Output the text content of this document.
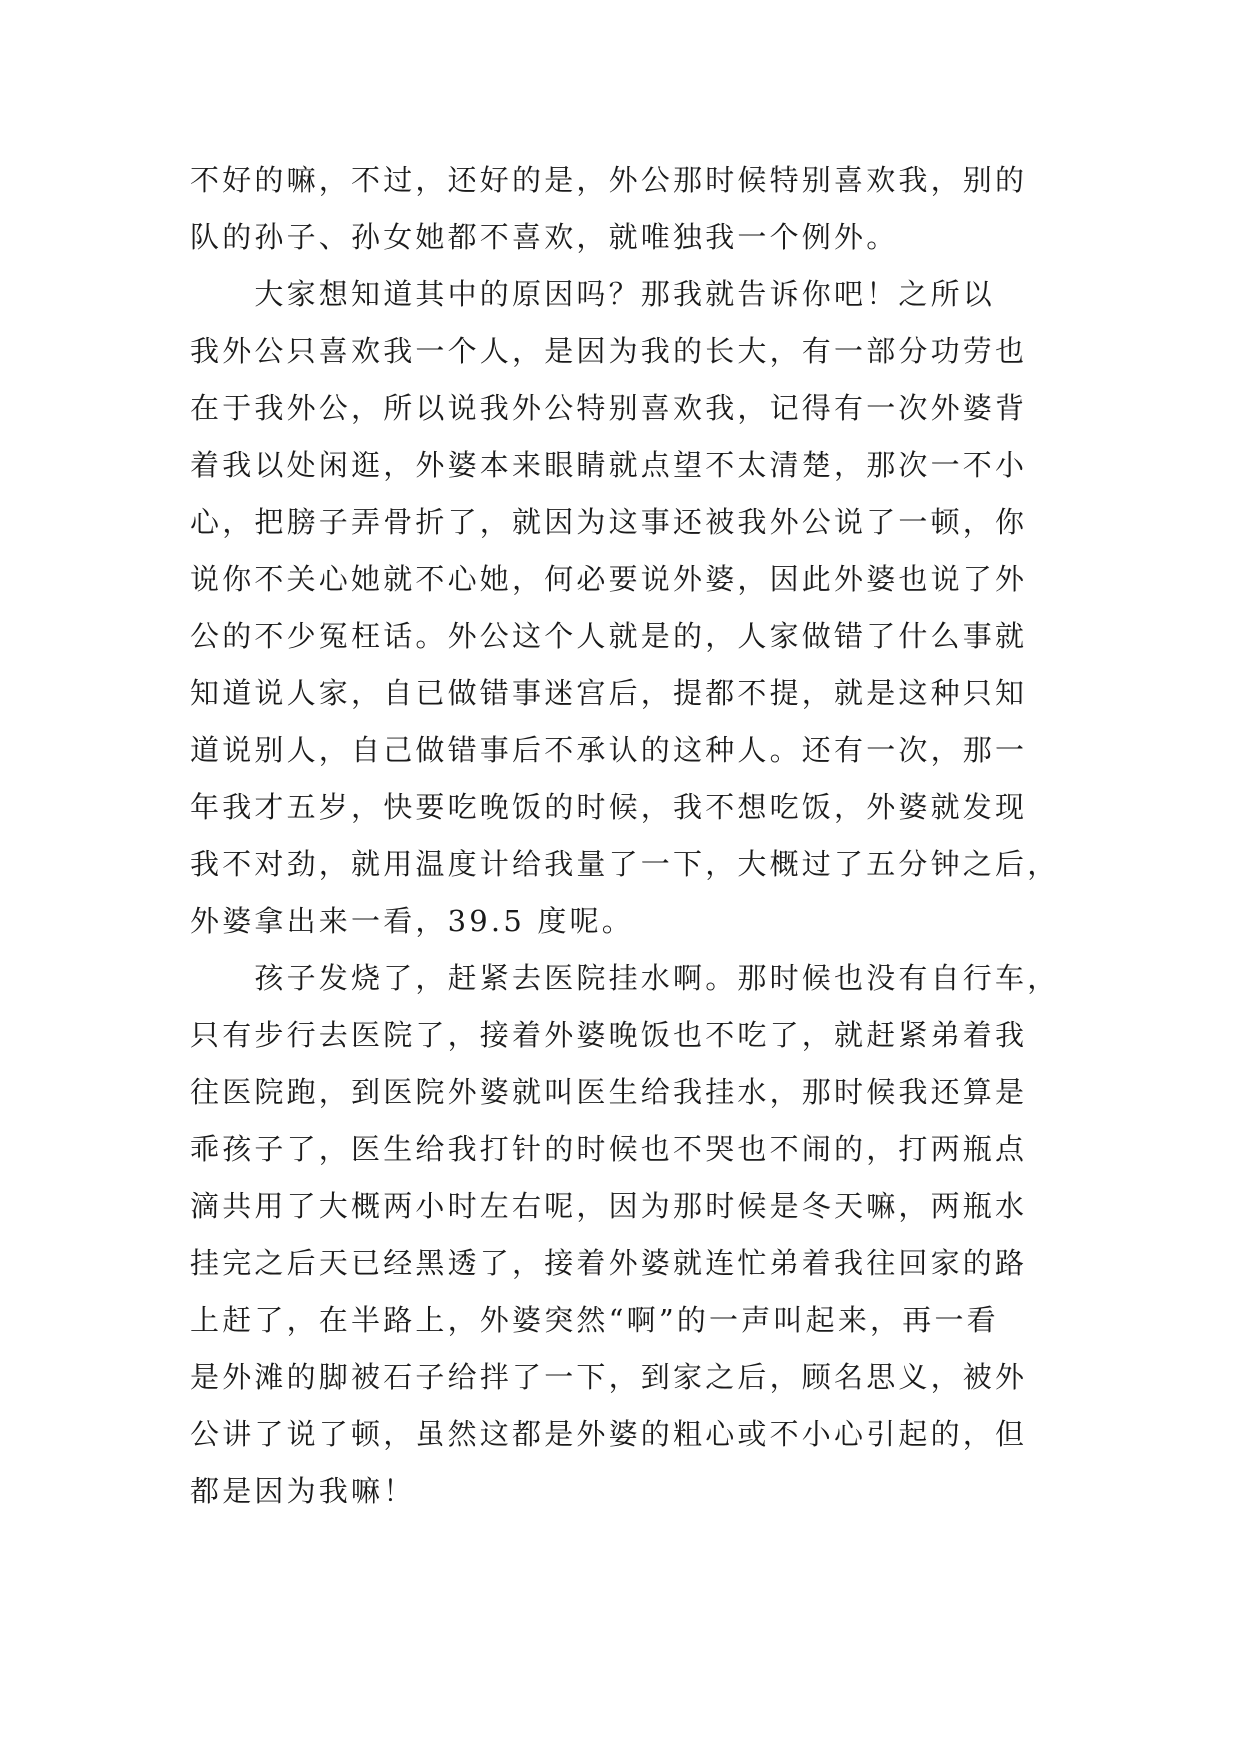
不好的嘛，不过，还好的是，外公那时候特别喜欢我，别的
队的孙子、孙女她都不喜欢，就唯独我一个例外。
　　大家想知道其中的原因吗？那我就告诉你吧！之所以
我外公只喜欢我一个人，是因为我的长大，有一部分功劳也
在于我外公，所以说我外公特别喜欢我，记得有一次外婆背
着我以处闲逛，外婆本来眼睛就点望不太清楚，那次一不小
心，把膀子弄骨折了，就因为这事还被我外公说了一顿，你
说你不关心她就不心她，何必要说外婆，因此外婆也说了外
公的不少冤枉话。外公这个人就是的，人家做错了什么事就
知道说人家，自已做错事迷宫后，提都不提，就是这种只知
道说别人，自己做错事后不承认的这种人。还有一次，那一
年我才五岁，快要吃晚饭的时候，我不想吃饭，外婆就发现
我不对劲，就用温度计给我量了一下，大概过了五分钟之后，
外婆拿出来一看，39.5 度呢。
　　孩子发烧了，赶紧去医院挂水啊。那时候也没有自行车，
只有步行去医院了，接着外婆晚饭也不吃了，就赶紧弟着我
往医院跑，到医院外婆就叫医生给我挂水，那时候我还算是
乖孩子了，医生给我打针的时候也不哭也不闹的，打两瓶点
滴共用了大概两小时左右呢，因为那时候是冬天嘛，两瓶水
挂完之后天已经黑透了，接着外婆就连忙弟着我往回家的路
上赶了，在半路上，外婆突然“啊”的一声叫起来，再一看
是外滩的脚被石子给拌了一下，到家之后，顾名思义，被外
公讲了说了顿，虽然这都是外婆的粗心或不小心引起的，但
都是因为我嘛！
